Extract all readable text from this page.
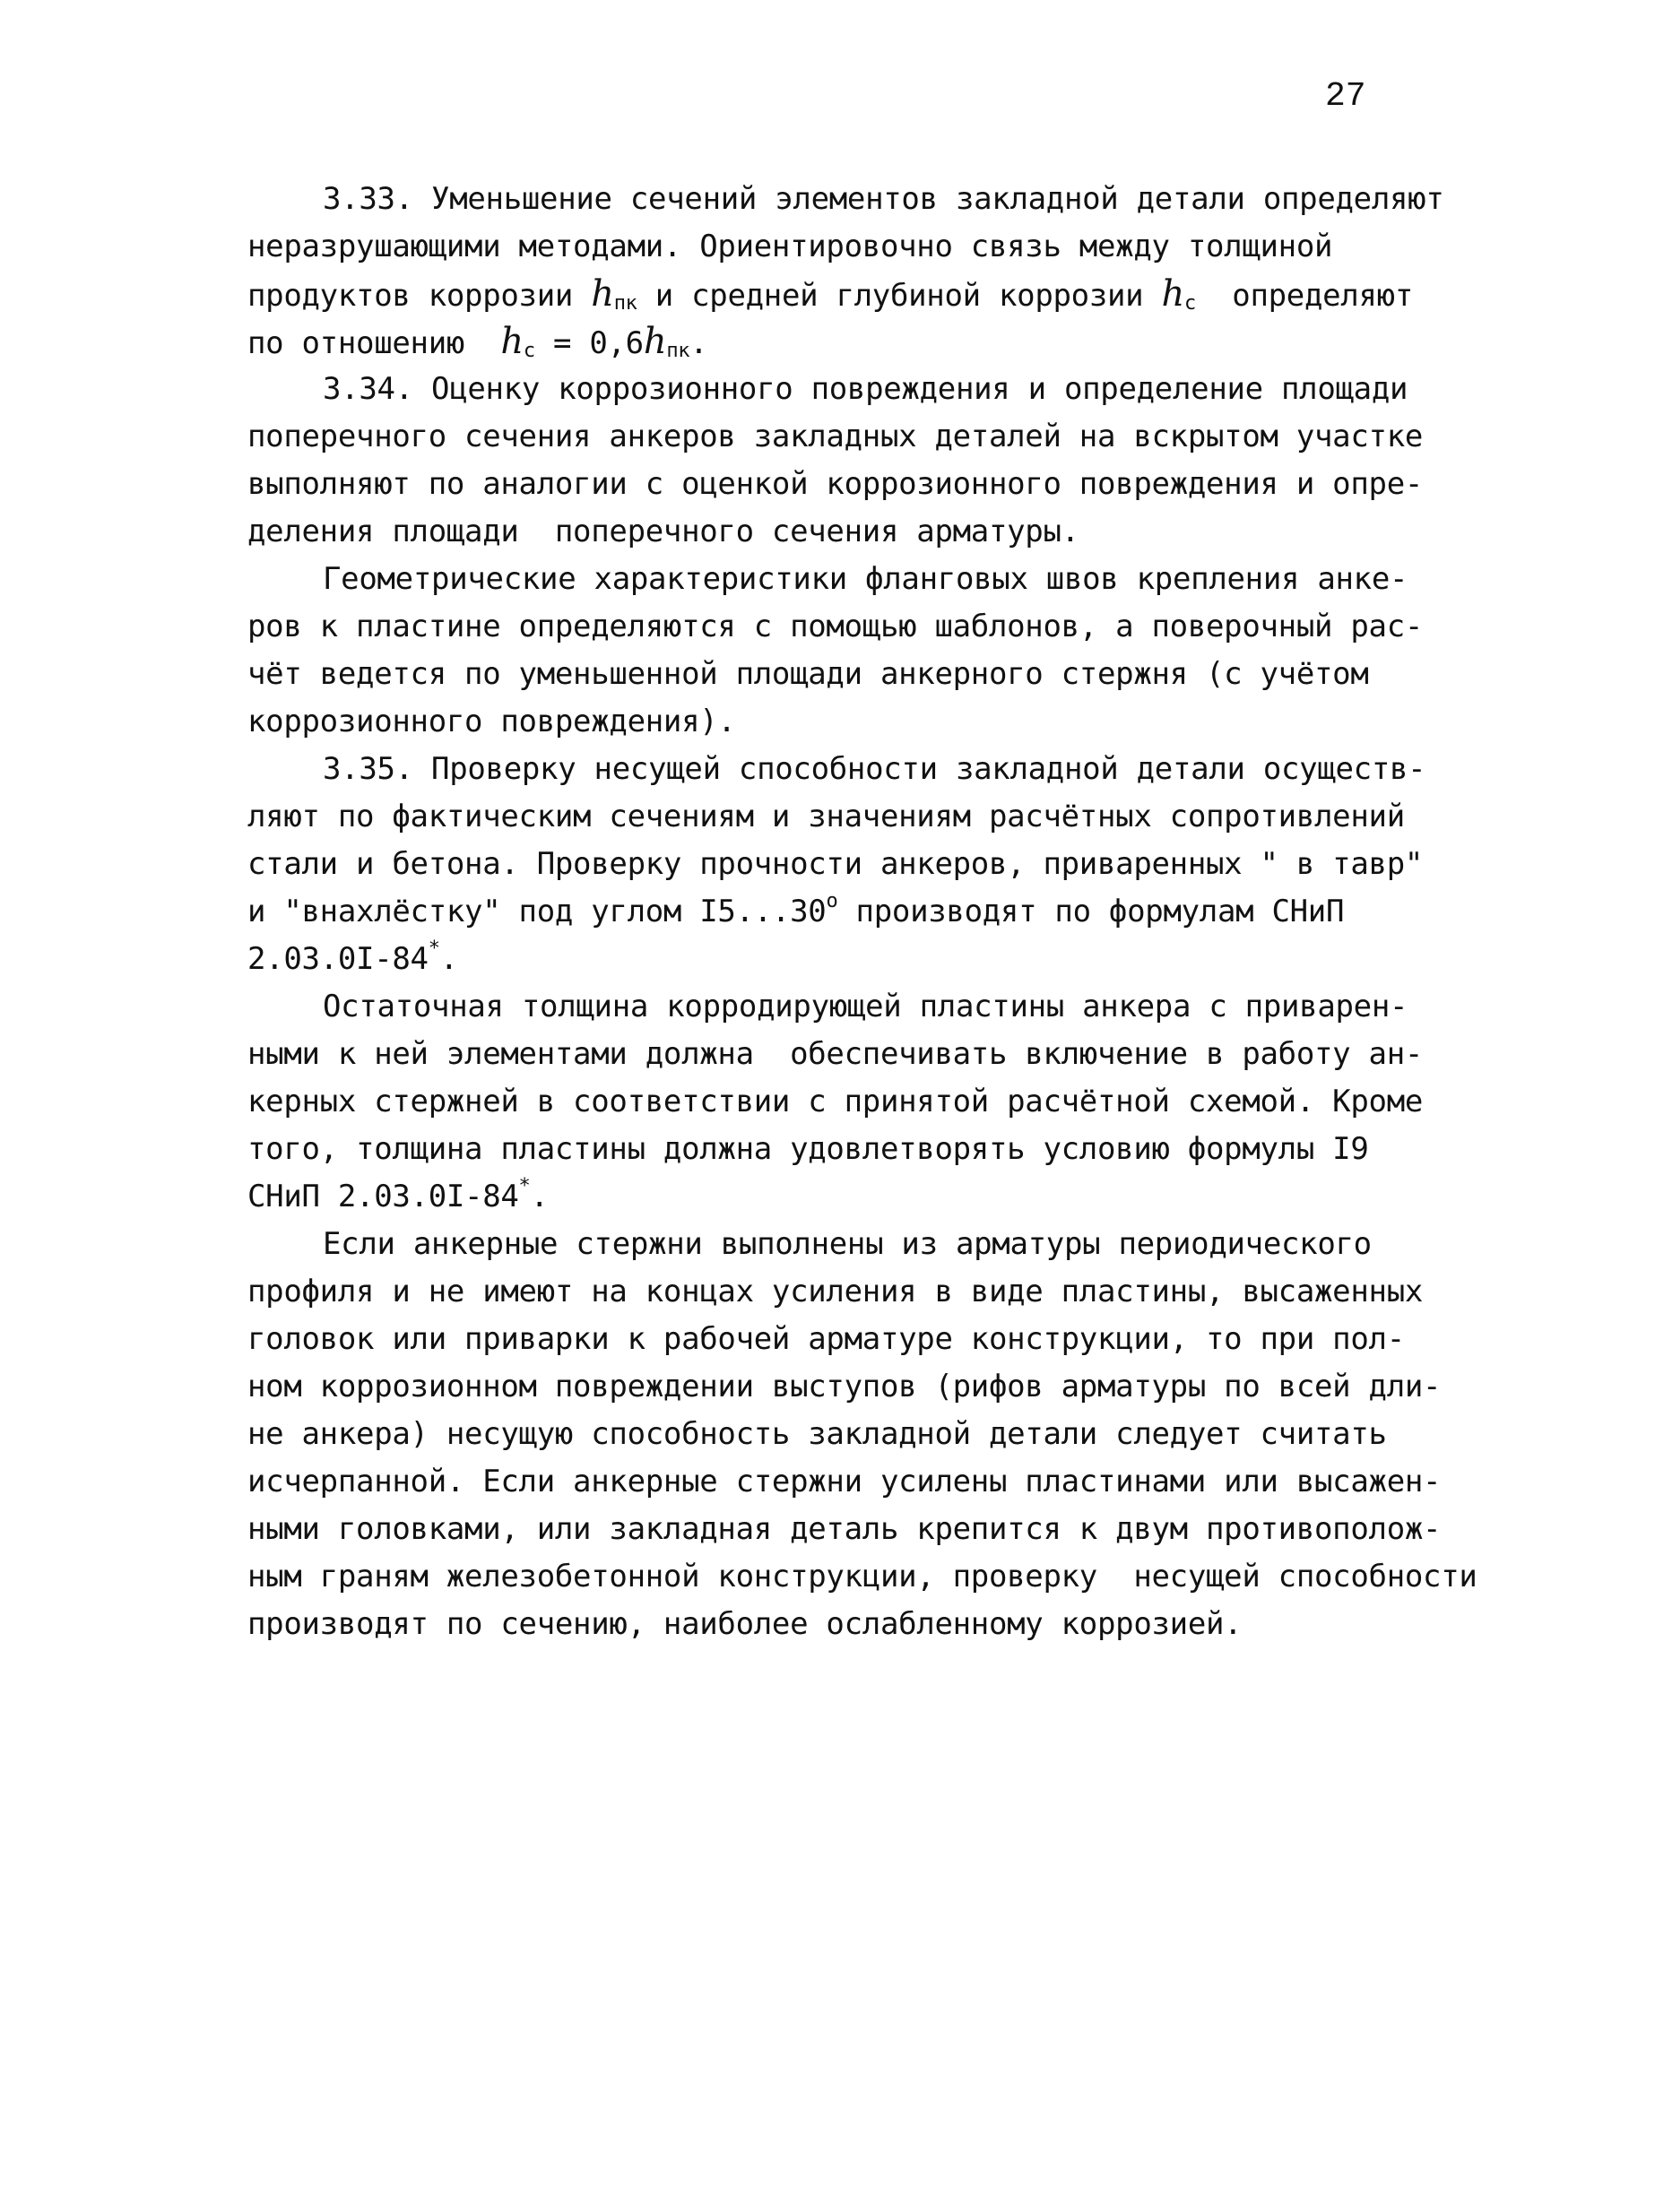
27
3.33. Уменьшение сечений элементов закладной детали определяют
неразрушающими методами. Ориентировочно связь между толщиной
продуктов коррозии $h_{пк}$ и средней глубиной коррозии $h_c$  определяют
по отношению  $h_c = 0,6h_{пк}$.
3.34. Оценку коррозионного повреждения и определение площади
поперечного сечения анкеров закладных деталей на вскрытом участке
выполняют по аналогии с оценкой коррозионного повреждения и опре-
деления площади  поперечного сечения арматуры.
Геометрические характеристики фланговых швов крепления анке-
ров к пластине определяются с помощью шаблонов, а поверочный рас-
чёт ведется по уменьшенной площади анкерного стержня (с учётом
коррозионного повреждения).
3.35. Проверку несущей способности закладной детали осуществ-
ляют по фактическим сечениям и значениям расчётных сопротивлений
стали и бетона. Проверку прочности анкеров, приваренных " в тавр"
и "внахлёстку" под углом I5...30$^o$ производят по формулам СНиП
2.03.0I-84*.
Остаточная толщина корродирующей пластины анкера с приварен-
ными к ней элементами должна  обеспечивать включение в работу ан-
керных стержней в соответствии с принятой расчётной схемой. Кроме
того, толщина пластины должна удовлетворять условию формулы I9
СНиП 2.03.0I-84*.
Если анкерные стержни выполнены из арматуры периодического
профиля и не имеют на концах усиления в виде пластины, высаженных
головок или приварки к рабочей арматуре конструкции, то при пол-
ном коррозионном повреждении выступов (рифов арматуры по всей дли-
не анкера) несущую способность закладной детали следует считать
исчерпанной. Если анкерные стержни усилены пластинами или высажен-
ными головками, или закладная деталь крепится к двум противополож-
ным граням железобетонной конструкции, проверку  несущей способности
производят по сечению, наиболее ослабленному коррозией.
